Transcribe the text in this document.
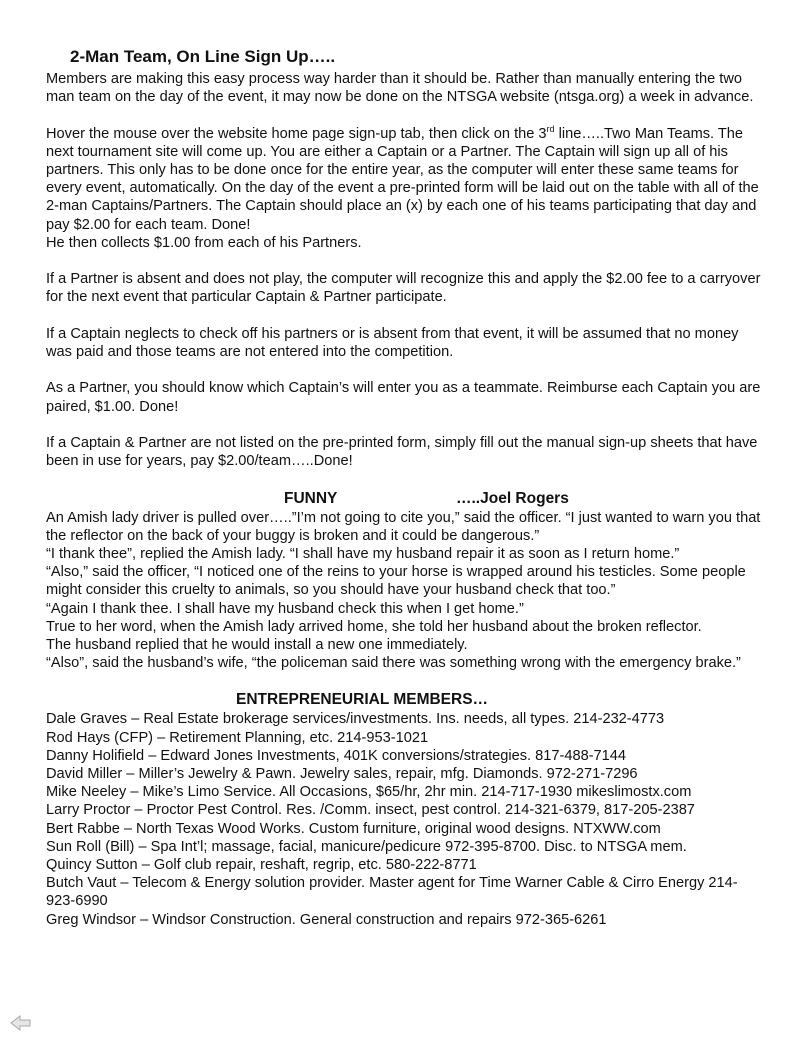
2-Man Team, On Line Sign Up…..

Members are making this easy process way harder than it should be. Rather than manually entering the two man team on the day of the event, it may now be done on the NTSGA website (ntsga.org) a week in advance.

Hover the mouse over the website home page sign-up tab, then click on the 3rd line…..Two Man Teams. The next tournament site will come up. You are either a Captain or a Partner. The Captain will sign up all of his partners. This only has to be done once for the entire year, as the computer will enter these same teams for every event, automatically. On the day of the event a pre-printed form will be laid out on the table with all of the 2-man Captains/Partners. The Captain should place an (x) by each one of his teams participating that day and pay $2.00 for each team. Done!

He then collects $1.00 from each of his Partners.

If a Partner is absent and does not play, the computer will recognize this and apply the $2.00 fee to a carryover for the next event that particular Captain & Partner participate.

If a Captain neglects to check off his partners or is absent from that event, it will be assumed that no money was paid and those teams are not entered into the competition.

As a Partner, you should know which Captain’s will enter you as a teammate. Reimburse each Captain you are paired, $1.00. Done!

If a Captain & Partner are not listed on the pre-printed form, simply fill out the manual sign-up sheets that have been in use for years, pay $2.00/team…..Done!

FUNNY	…..Joel Rogers
An Amish lady driver is pulled over…..”I’m not going to cite you,” said the officer. “I just wanted to warn you that the reflector on the back of your buggy is broken and it could be dangerous.”
“I thank thee”, replied the Amish lady. “I shall have my husband repair it as soon as I return home.”
“Also,” said the officer, “I noticed one of the reins to your horse is wrapped around his testicles. Some people might consider this cruelty to animals, so you should have your husband check that too.”
“Again I thank thee. I shall have my husband check this when I get home.”
True to her word, when the Amish lady arrived home, she told her husband about the broken reflector.
The husband replied that he would install a new one immediately.
“Also”, said the husband’s wife, “the policeman said there was something wrong with the emergency brake.”
ENTREPRENEURIAL MEMBERS…
Dale Graves – Real Estate brokerage services/investments. Ins. needs, all types. 214-232-4773
Rod Hays (CFP) – Retirement Planning, etc. 214-953-1021
Danny Holifield – Edward Jones Investments, 401K conversions/strategies. 817-488-7144
David Miller – Miller’s Jewelry & Pawn. Jewelry sales, repair, mfg. Diamonds. 972-271-7296
Mike Neeley – Mike’s Limo Service. All Occasions, $65/hr, 2hr min. 214-717-1930 mikeslimostx.com
Larry Proctor – Proctor Pest Control. Res. /Comm. insect, pest control. 214-321-6379, 817-205-2387
Bert Rabbe – North Texas Wood Works. Custom furniture, original wood designs. NTXWW.com
Sun Roll (Bill) – Spa Int’l; massage, facial, manicure/pedicure 972-395-8700. Disc. to NTSGA mem.
Quincy Sutton – Golf club repair, reshaft, regrip, etc. 580-222-8771
Butch Vaut – Telecom & Energy solution provider. Master agent for Time Warner Cable & Cirro Energy 214-923-6990
Greg Windsor – Windsor Construction. General construction and repairs 972-365-6261
